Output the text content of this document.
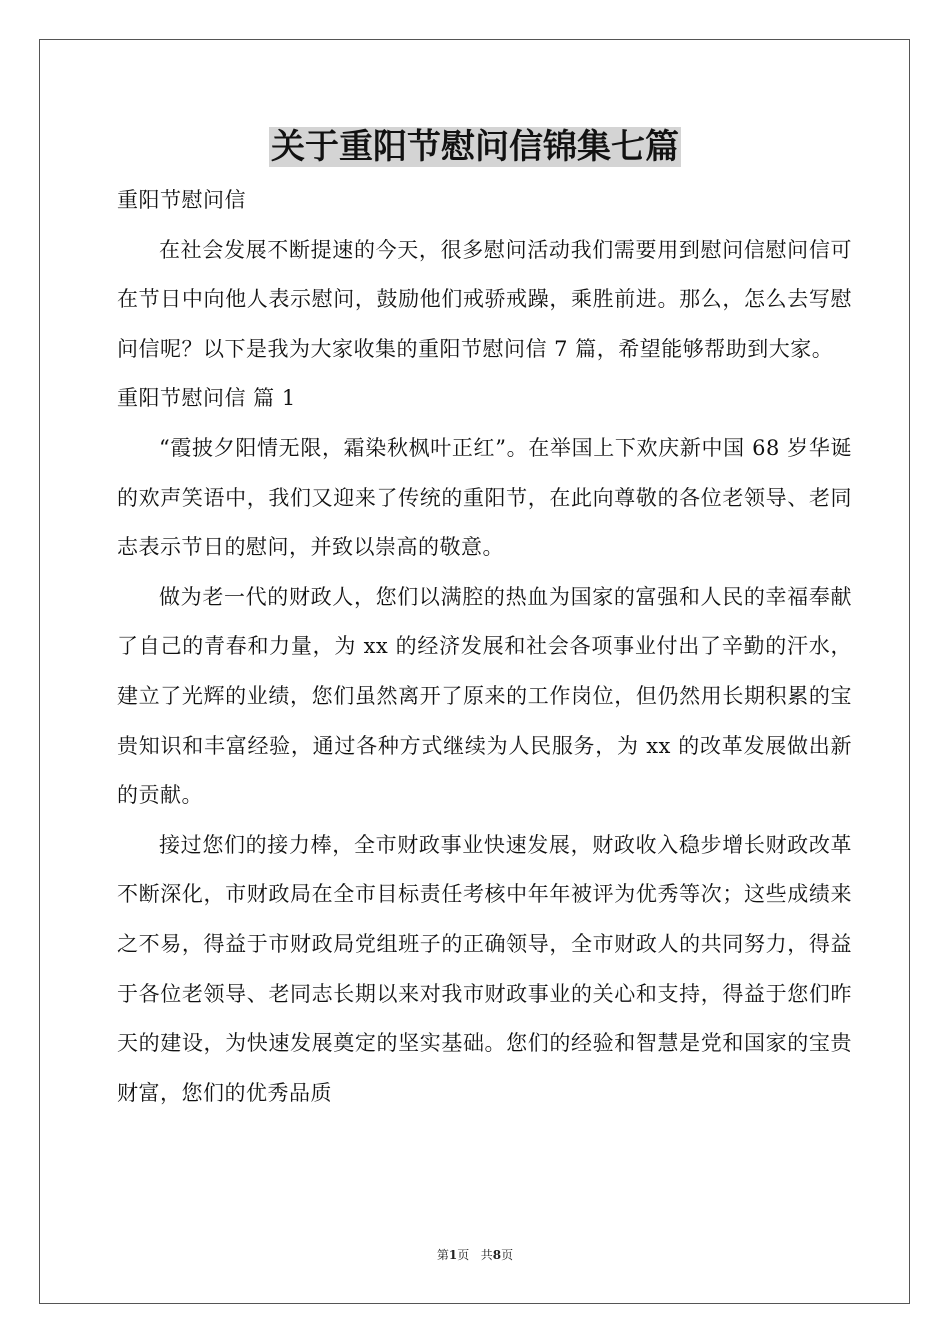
关于重阳节慰问信锦集七篇

重阳节慰问信

在社会发展不断提速的今天，很多慰问活动我们需要用到慰问信慰问信可在节日中向他人表示慰问，鼓励他们戒骄戒躁，乘胜前进。那么，怎么去写慰问信呢？以下是我为大家收集的重阳节慰问信 7 篇，希望能够帮助到大家。

重阳节慰问信 篇 1

“霞披夕阳情无限，霜染秋枫叶正红”。在举国上下欢庆新中国 68 岁华诞的欢声笑语中，我们又迎来了传统的重阳节，在此向尊敬的各位老领导、老同志表示节日的慰问，并致以崇高的敬意。

做为老一代的财政人，您们以满腔的热血为国家的富强和人民的幸福奉献了自己的青春和力量，为 xx 的经济发展和社会各项事业付出了辛勤的汗水，建立了光辉的业绩，您们虽然离开了原来的工作岗位，但仍然用长期积累的宝贵知识和丰富经验，通过各种方式继续为人民服务，为 xx 的改革发展做出新的贡献。

接过您们的接力棒，全市财政事业快速发展，财政收入稳步增长财政改革不断深化，市财政局在全市目标责任考核中年年被评为优秀等次；这些成绩来之不易，得益于市财政局党组班子的正确领导，全市财政人的共同努力，得益于各位老领导、老同志长期以来对我市财政事业的关心和支持，得益于您们昨天的建设，为快速发展奠定的坚实基础。您们的经验和智慧是党和国家的宝贵财富，您们的优秀品质

第1页 共8页
